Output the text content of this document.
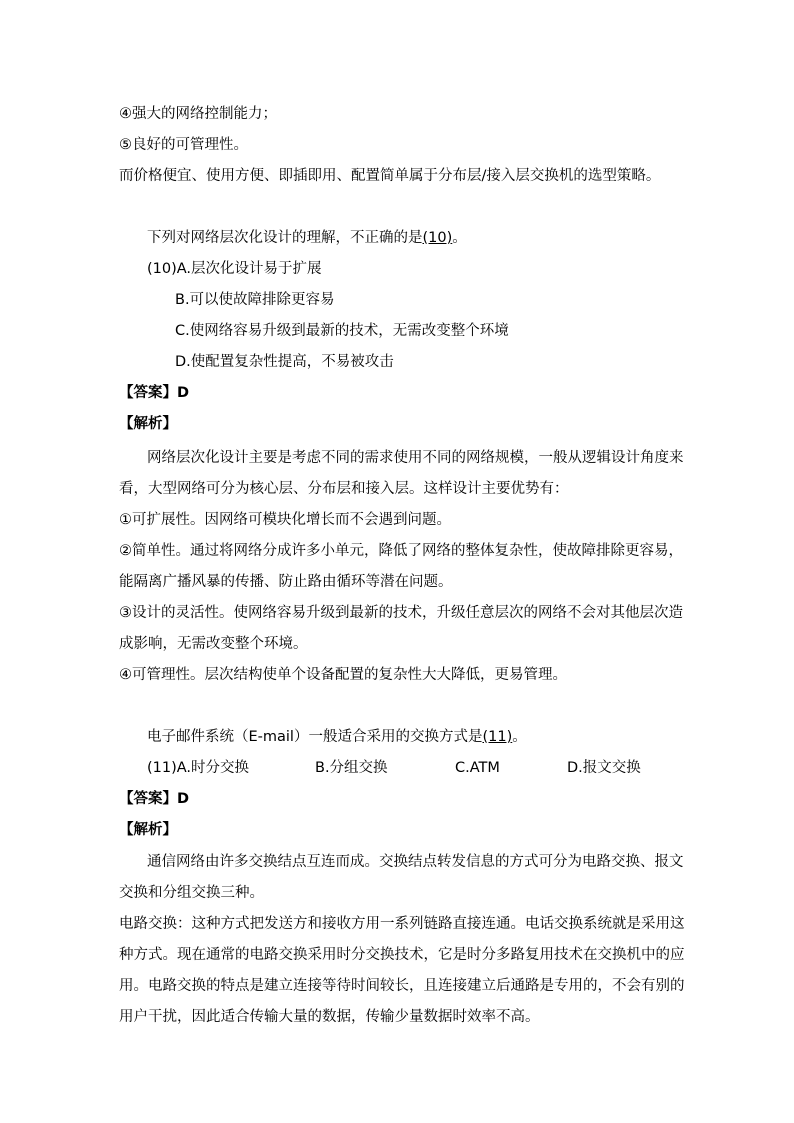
④强大的网络控制能力；
⑤良好的可管理性。
而价格便宜、使用方便、即插即用、配置简单属于分布层/接入层交换机的选型策略。
下列对网络层次化设计的理解，不正确的是(10)。
(10)A.层次化设计易于扩展
B.可以使故障排除更容易
C.使网络容易升级到最新的技术，无需改变整个环境
D.使配置复杂性提高，不易被攻击
【答案】D
【解析】
网络层次化设计主要是考虑不同的需求使用不同的网络规模，一般从逻辑设计角度来
看，大型网络可分为核心层、分布层和接入层。这样设计主要优势有：
①可扩展性。因网络可模块化增长而不会遇到问题。
②简单性。通过将网络分成许多小单元，降低了网络的整体复杂性，使故障排除更容易，
能隔离广播风暴的传播、防止路由循环等潜在问题。
③设计的灵活性。使网络容易升级到最新的技术，升级任意层次的网络不会对其他层次造
成影响，无需改变整个环境。
④可管理性。层次结构使单个设备配置的复杂性大大降低，更易管理。
电子邮件系统（E-mail）一般适合采用的交换方式是(11)。
(11)A.时分交换	B.分组交换	C.ATM	D.报文交换
【答案】D
【解析】
通信网络由许多交换结点互连而成。交换结点转发信息的方式可分为电路交换、报文
交换和分组交换三种。
电路交换：这种方式把发送方和接收方用一系列链路直接连通。电话交换系统就是采用这
种方式。现在通常的电路交换采用时分交换技术，它是时分多路复用技术在交换机中的应
用。电路交换的特点是建立连接等待时间较长，且连接建立后通路是专用的，不会有别的
用户干扰，因此适合传输大量的数据，传输少量数据时效率不高。
